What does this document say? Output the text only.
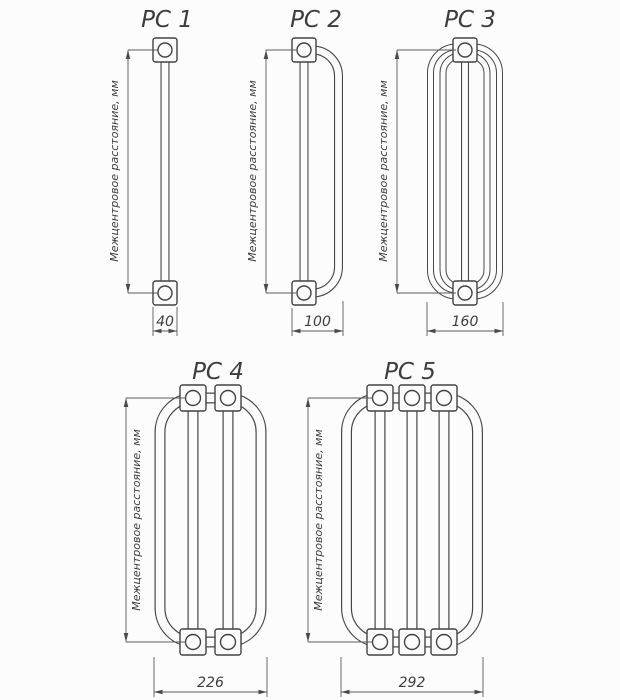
РС 1
Межцентровое расстояние, мм
40
РС 2
Межцентровое расстояние, мм
100
РС 3
Межцентровое расстояние, мм
160
РС 4
Межцентровое расстояние, мм
226
РС 5
Межцентровое расстояние, мм
292
